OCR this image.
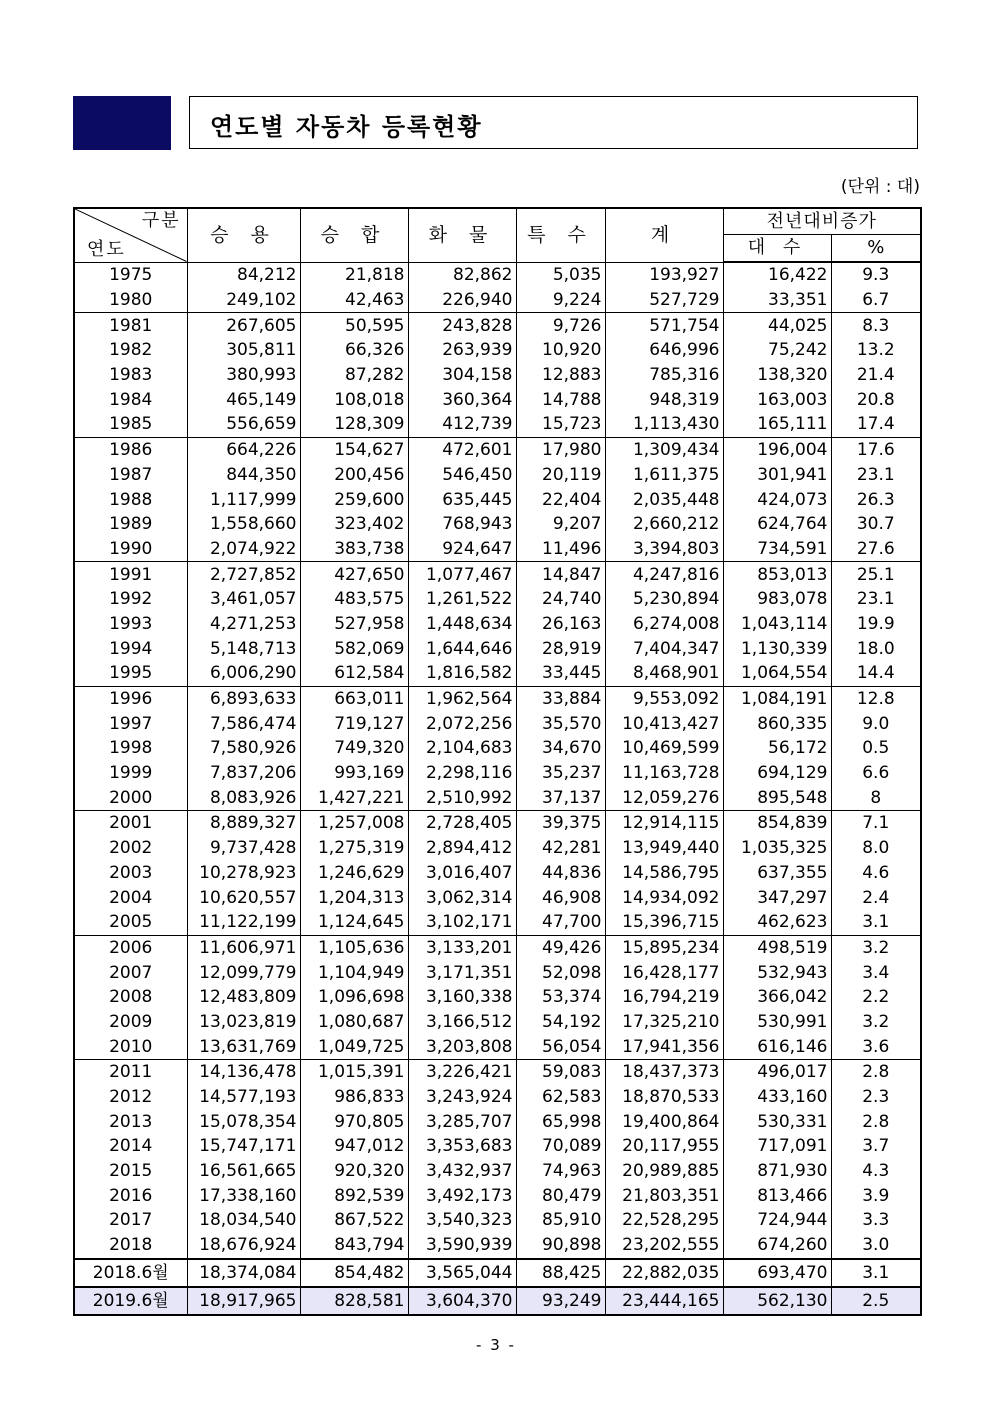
연도별 자동차 등록현황
(단위 : 대)
구분
연도	승 용	승 합	화 물	특 수	계	전년대비증가	
						대 수	%
1975	84,212	21,818	82,862	5,035	193,927	16,422	9.3
1980	249,102	42,463	226,940	9,224	527,729	33,351	6.7
1981	267,605	50,595	243,828	9,726	571,754	44,025	8.3
1982	305,811	66,326	263,939	10,920	646,996	75,242	13.2
1983	380,993	87,282	304,158	12,883	785,316	138,320	21.4
1984	465,149	108,018	360,364	14,788	948,319	163,003	20.8
1985	556,659	128,309	412,739	15,723	1,113,430	165,111	17.4
1986	664,226	154,627	472,601	17,980	1,309,434	196,004	17.6
1987	844,350	200,456	546,450	20,119	1,611,375	301,941	23.1
1988	1,117,999	259,600	635,445	22,404	2,035,448	424,073	26.3
1989	1,558,660	323,402	768,943	9,207	2,660,212	624,764	30.7
1990	2,074,922	383,738	924,647	11,496	3,394,803	734,591	27.6
1991	2,727,852	427,650	1,077,467	14,847	4,247,816	853,013	25.1
1992	3,461,057	483,575	1,261,522	24,740	5,230,894	983,078	23.1
1993	4,271,253	527,958	1,448,634	26,163	6,274,008	1,043,114	19.9
1994	5,148,713	582,069	1,644,646	28,919	7,404,347	1,130,339	18.0
1995	6,006,290	612,584	1,816,582	33,445	8,468,901	1,064,554	14.4
1996	6,893,633	663,011	1,962,564	33,884	9,553,092	1,084,191	12.8
1997	7,586,474	719,127	2,072,256	35,570	10,413,427	860,335	9.0
1998	7,580,926	749,320	2,104,683	34,670	10,469,599	56,172	0.5
1999	7,837,206	993,169	2,298,116	35,237	11,163,728	694,129	6.6
2000	8,083,926	1,427,221	2,510,992	37,137	12,059,276	895,548	8
2001	8,889,327	1,257,008	2,728,405	39,375	12,914,115	854,839	7.1
2002	9,737,428	1,275,319	2,894,412	42,281	13,949,440	1,035,325	8.0
2003	10,278,923	1,246,629	3,016,407	44,836	14,586,795	637,355	4.6
2004	10,620,557	1,204,313	3,062,314	46,908	14,934,092	347,297	2.4
2005	11,122,199	1,124,645	3,102,171	47,700	15,396,715	462,623	3.1
2006	11,606,971	1,105,636	3,133,201	49,426	15,895,234	498,519	3.2
2007	12,099,779	1,104,949	3,171,351	52,098	16,428,177	532,943	3.4
2008	12,483,809	1,096,698	3,160,338	53,374	16,794,219	366,042	2.2
2009	13,023,819	1,080,687	3,166,512	54,192	17,325,210	530,991	3.2
2010	13,631,769	1,049,725	3,203,808	56,054	17,941,356	616,146	3.6
2011	14,136,478	1,015,391	3,226,421	59,083	18,437,373	496,017	2.8
2012	14,577,193	986,833	3,243,924	62,583	18,870,533	433,160	2.3
2013	15,078,354	970,805	3,285,707	65,998	19,400,864	530,331	2.8
2014	15,747,171	947,012	3,353,683	70,089	20,117,955	717,091	3.7
2015	16,561,665	920,320	3,432,937	74,963	20,989,885	871,930	4.3
2016	17,338,160	892,539	3,492,173	80,479	21,803,351	813,466	3.9
2017	18,034,540	867,522	3,540,323	85,910	22,528,295	724,944	3.3
2018	18,676,924	843,794	3,590,939	90,898	23,202,555	674,260	3.0
2018.6월	18,374,084	854,482	3,565,044	88,425	22,882,035	693,470	3.1
2019.6월	18,917,965	828,581	3,604,370	93,249	23,444,165	562,130	2.5
- 3 -
